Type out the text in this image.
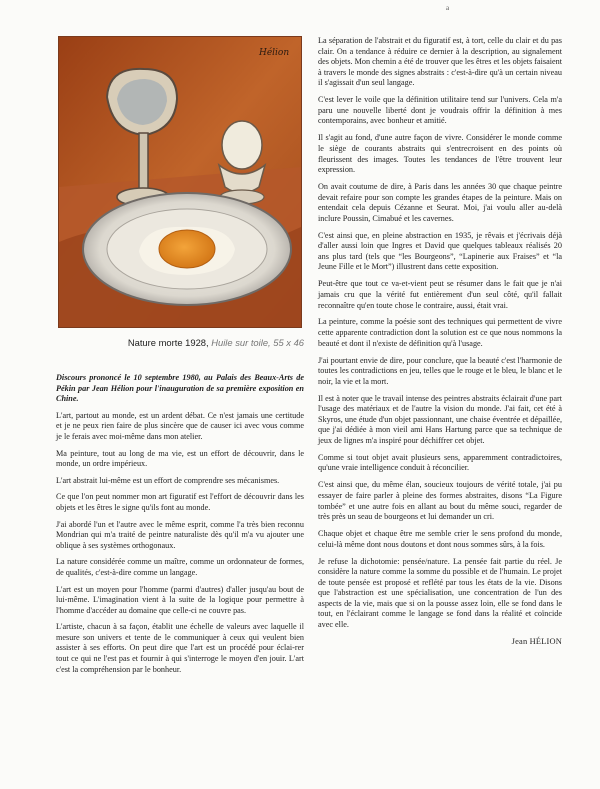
a
Hélion

Nature morte 1928, Huile sur toile, 55 x 46

Discours prononcé le 10 septembre 1980, au Palais des Beaux-Arts de Pékin par Jean Hélion pour l'inauguration de sa première exposition en Chine.

L'art, partout au monde, est un ardent débat. Ce n'est jamais une certitude et je ne peux rien faire de plus sincère que de causer ici avec vous comme je le ferais avec moi-même dans mon atelier.

Ma peinture, tout au long de ma vie, est un effort de découvrir, dans le monde, un ordre impérieux.

L'art abstrait lui-même est un effort de comprendre ses mécanismes.

Ce que l'on peut nommer mon art figuratif est l'effort de découvrir dans les objets et les êtres le signe qu'ils font au monde.

J'ai abordé l'un et l'autre avec le même esprit, comme l'a très bien reconnu Mondrian qui m'a traité de peintre naturaliste dès qu'il m'a vu ajouter une oblique à ses systèmes orthogonaux.

La nature considérée comme un maître, comme un ordonnateur de formes, de qualités, c'est-à-dire comme un langage.

L'art est un moyen pour l'homme (parmi d'autres) d'aller jusqu'au bout de lui-même. L'imagination vient à la suite de la logique pour permettre à l'homme d'accéder au domaine que celle-ci ne couvre pas.

L'artiste, chacun à sa façon, établit une échelle de valeurs avec laquelle il mesure son univers et tente de le communiquer à ceux qui veulent bien assister à ses efforts. On peut dire que l'art est un procédé pour éclai-rer tout ce qui ne l'est pas et fournir à qui s'interroge le moyen d'en jouir. L'art c'est la compréhension par le bonheur.

La séparation de l'abstrait et du figuratif est, à tort, celle du clair et du pas clair. On a tendance à réduire ce dernier à la description, au signalement des objets. Mon chemin a été de trouver que les êtres et les objets faisaient à travers le monde des signes abstraits : c'est-à-dire qu'à un certain niveau il s'agissait d'un seul langage.

C'est lever le voile que la définition utilitaire tend sur l'univers. Cela m'a paru une nouvelle liberté dont je voudrais offrir la définition à mes contemporains, avec bonheur et amitié.

Il s'agit au fond, d'une autre façon de vivre. Considérer le monde comme le siège de courants abstraits qui s'entrecroisent en des points où fleurissent des images. Toutes les tendances de l'être trouvent leur expression.

On avait coutume de dire, à Paris dans les années 30 que chaque peintre devait refaire pour son compte les grandes étapes de la peinture. Mais on entendait cela depuis Cézanne et Seurat. Moi, j'ai voulu aller au-delà inclure Poussin, Cimabué et les cavernes.

C'est ainsi que, en pleine abstraction en 1935, je rêvais et j'écrivais déjà d'aller aussi loin que Ingres et David que quelques tableaux réalisés 20 ans plus tard (tels que “les Bourgeons”, “Lapinerie aux Fraises” et “la Jeune Fille et le Mort”) illustrent dans cette exposition.

Peut-être que tout ce va-et-vient peut se résumer dans le fait que je n'ai jamais cru que la vérité fut entièrement d'un seul côté, qu'il fallait reconnaître qu'en toute chose le contraire, aussi, était vrai.

La peinture, comme la poésie sont des techniques qui permettent de vivre cette apparente contradiction dont la solution est ce que nous nommons la beauté et dont il n'existe de définition qu'à l'usage.

J'ai pourtant envie de dire, pour conclure, que la beauté c'est l'harmonie de toutes les contradictions en jeu, telles que le rouge et le bleu, le blanc et le noir, la vie et la mort.

Il est à noter que le travail intense des peintres abstraits éclairait d'une part l'usage des matériaux et de l'autre la vision du monde. J'ai fait, cet été à Skyros, une étude d'un objet passionnant, une chaise éventrée et dépaillée, que j'ai dédiée à mon vieil ami Hans Hartung parce que sa technique de jeux de lignes m'a inspiré pour déchiffrer cet objet.

Comme si tout objet avait plusieurs sens, apparemment contradictoires, qu'une vraie intelligence conduit à réconcilier.

C'est ainsi que, du même élan, soucieux toujours de vérité totale, j'ai pu essayer de faire parler à pleine des formes abstraites, disons “La Figure tombée” et une autre fois en allant au bout du même souci, regarder de très près un seau de bourgeons et lui demander un cri.

Chaque objet et chaque être me semble crier le sens profond du monde, celui-là même dont nous doutons et dont nous sommes sûrs, à la fois.

Je refuse la dichotomie: pensée/nature. La pensée fait partie du réel. Je considère la nature comme la somme du possible et de l'humain. Le projet de toute pensée est proposé et reflété par tous les états de la vie. Disons que l'abstraction est une spécialisation, une concentration de l'un des aspects de la vie, mais que si on la pousse assez loin, elle se fond dans le tout, en l'éclairant comme le langage se fond dans la réalité et coïncide avec elle.

Jean HÉLION
